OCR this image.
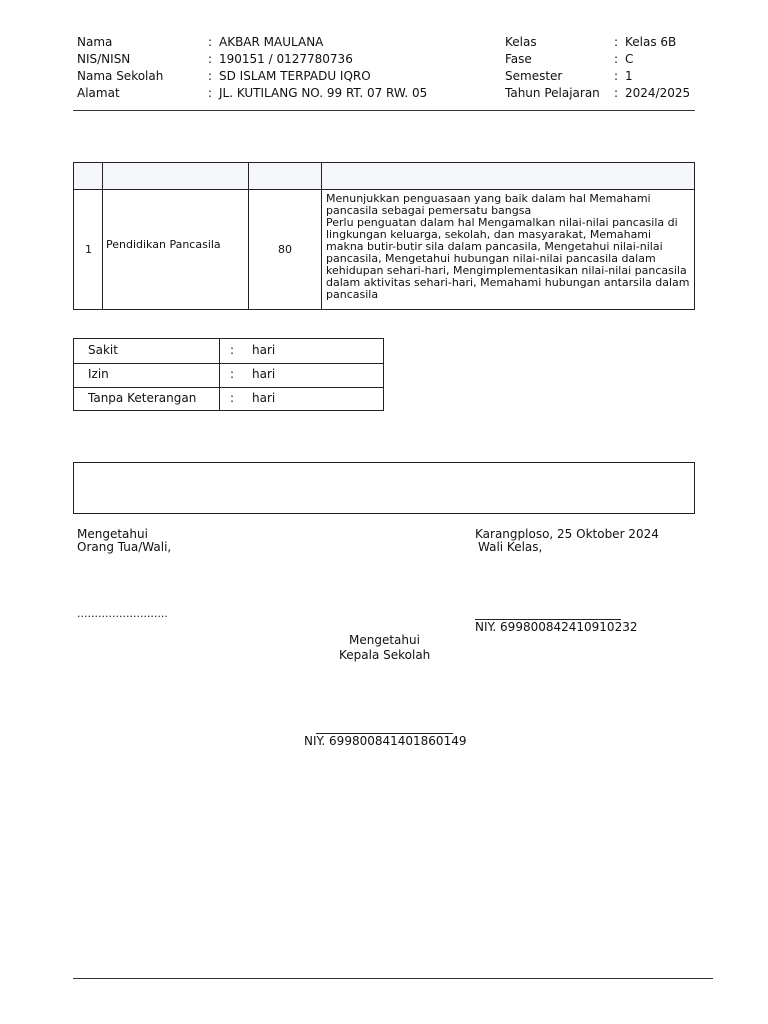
Nama	: AKBAR MAULANA
NIS/NISN	: 190151 / 0127780736
Nama Sekolah	: SD ISLAM TERPADU IQRO
Alamat	: JL. KUTILANG NO. 99 RT. 07 RW. 05
Kelas	: Kelas 6B
Fase	: C
Semester	: 1
Tahun Pelajaran : 2024/2025
1 Pendidikan Pancasila	80
Menunjukkan penguasaan yang baik dalam hal Memahami pancasila sebagai pemersatu bangsa
Perlu penguatan dalam hal Mengamalkan nilai-nilai pancasila di lingkungan keluarga, sekolah, dan masyarakat, Memahami makna butir-butir sila dalam pancasila, Mengetahui nilai-nilai pancasila, Mengetahui hubungan nilai-nilai pancasila dalam kehidupan sehari-hari, Mengimplementasikan nilai-nilai pancasila dalam aktivitas sehari-hari, Memahami hubungan antarsila dalam pancasila
Sakit	: hari
Izin	: hari
Tanpa Keterangan	: hari
Mengetahui
Orang Tua/Wali,
..........................
Karangploso, 25 Oktober 2024
Wali Kelas,
NIY. 699800842410910232
Mengetahui
Kepala Sekolah
NIY. 699800841401860149
